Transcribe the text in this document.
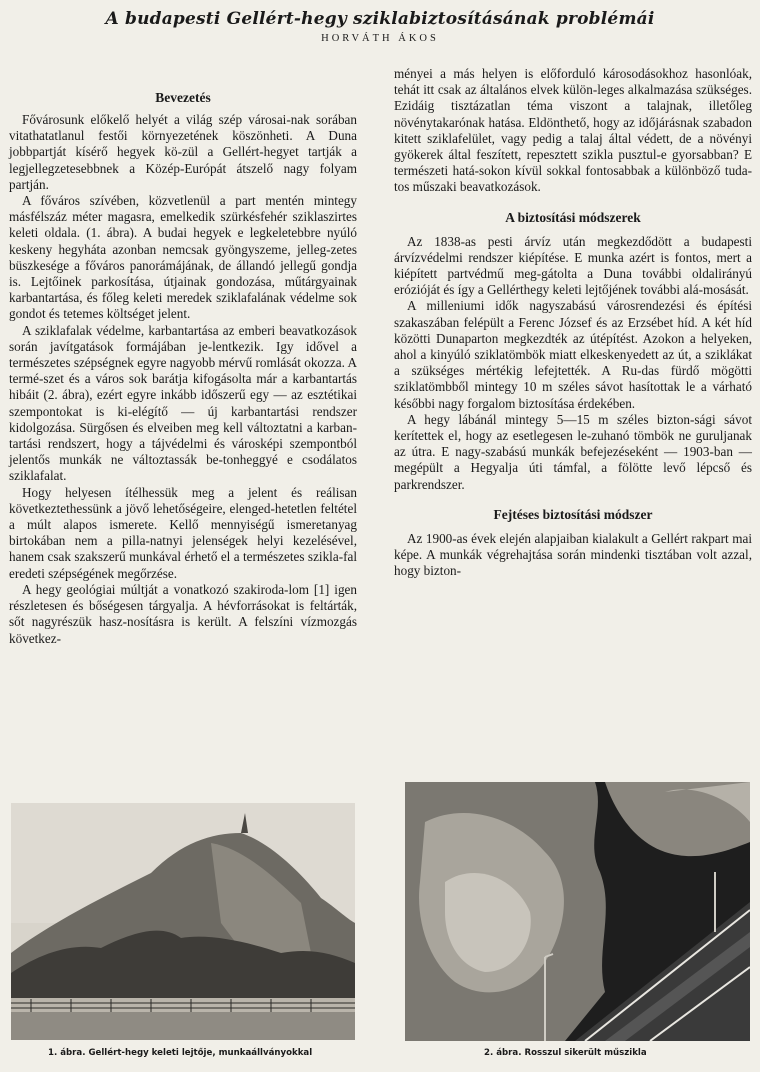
A budapesti Gellért-hegy sziklabiztosításának problémái
HORVÁTH ÁKOS
Bevezetés

Fővárosunk előkelő helyét a világ szép városai-nak sorában vitathatatlanul festői környezetének köszönheti. A Duna jobbpartját kísérő hegyek kö-zül a Gellért-hegyet tartják a legjellegzetesebbnek a Közép-Európát átszelő nagy folyam partján.

A főváros szívében, közvetlenül a part mentén mintegy másfélszáz méter magasra, emelkedik szürkésfehér sziklaszirtes keleti oldala. (1. ábra). A budai hegyek e legkeletebbre nyúló keskeny hegyháta azonban nemcsak gyöngyszeme, jelleg-zetes büszkesége a főváros panorámájának, de állandó jellegű gondja is. Lejtőinek parkosítása, útjainak gondozása, műtárgyainak karbantartása, és főleg keleti meredek sziklafalának védelme sok gondot és tetemes költséget jelent.

A sziklafalak védelme, karbantartása az emberi beavatkozások során javítgatások formájában je-lentkezik. Igy idővel a természetes szépségnek egyre nagyobb mérvű romlását okozza. A termé-szet és a város sok barátja kifogásolta már a karbantartás hibáit (2. ábra), ezért egyre inkább időszerű egy — az esztétikai szempontokat is ki-elégítő — új karbantartási rendszer kidolgozása. Sürgősen és elveiben meg kell változtatni a karban-tartási rendszert, hogy a tájvédelmi és városképi szempontból jelentős munkák ne változtassák be-tonheggyé e csodálatos sziklafalat.

Hogy helyesen ítélhessük meg a jelent és reálisan következtethessünk a jövő lehetőségeire, elenged-hetetlen feltétel a múlt alapos ismerete. Kellő mennyiségű ismeretanyag birtokában nem a pilla-natnyi jelenségek helyi kezelésével, hanem csak szakszerű munkával érhető el a természetes szikla-fal eredeti szépségének megőrzése.

A hegy geológiai múltját a vonatkozó szakiroda-lom [1] igen részletesen és bőségesen tárgyalja. A hévforrásokat is feltárták, sőt nagyrészük hasz-nosításra is került. A felszíni vízmozgás következ-

ményei a más helyen is előforduló károsodásokhoz hasonlóak, tehát itt csak az általános elvek külön-leges alkalmazása szükséges. Ezidáig tisztázatlan téma viszont a talajnak, illetőleg növénytakarónak hatása. Eldönthető, hogy az időjárásnak szabadon kitett sziklafelület, vagy pedig a talaj által védett, de a növényi gyökerek által feszített, repesztett szikla pusztul-e gyorsabban? E természeti hatá-sokon kívül sokkal fontosabbak a különböző tuda-tos műszaki beavatkozások.

A biztosítási módszerek

Az 1838-as pesti árvíz után megkezdődött a budapesti árvízvédelmi rendszer kiépítése. E munka azért is fontos, mert a kiépített partvédmű meg-gátolta a Duna további oldalirányú erózióját és így a Gellérthegy keleti lejtőjének további alá-mosását.

A milleniumi idők nagyszabású városrendezési és építési szakaszában felépült a Ferenc József és az Erzsébet híd. A két híd közötti Dunaparton megkezdték az útépítést. Azokon a helyeken, ahol a kinyúló sziklatömbök miatt elkeskenyedett az út, a sziklákat a szükséges mértékig lefejtették. A Ru-das fürdő mögötti sziklatömbből mintegy 10 m széles sávot hasítottak le a várható későbbi nagy forgalom biztosítása érdekében.

A hegy lábánál mintegy 5—15 m széles bizton-sági sávot kerítettek el, hogy az esetlegesen le-zuhanó tömbök ne guruljanak az útra. E nagy-szabású munkák befejezéseként — 1903-ban — megépült a Hegyalja úti támfal, a fölötte levő lépcső és parkrendszer.

Fejtéses biztosítási módszer

Az 1900-as évek elején alapjaiban kialakult a Gellért rakpart mai képe. A munkák végrehajtása során mindenki tisztában volt azzal, hogy bizton-

1. ábra. Gellért-hegy keleti lejtője, munkaállványokkal	2. ábra. Rosszul sikerült műszikla
